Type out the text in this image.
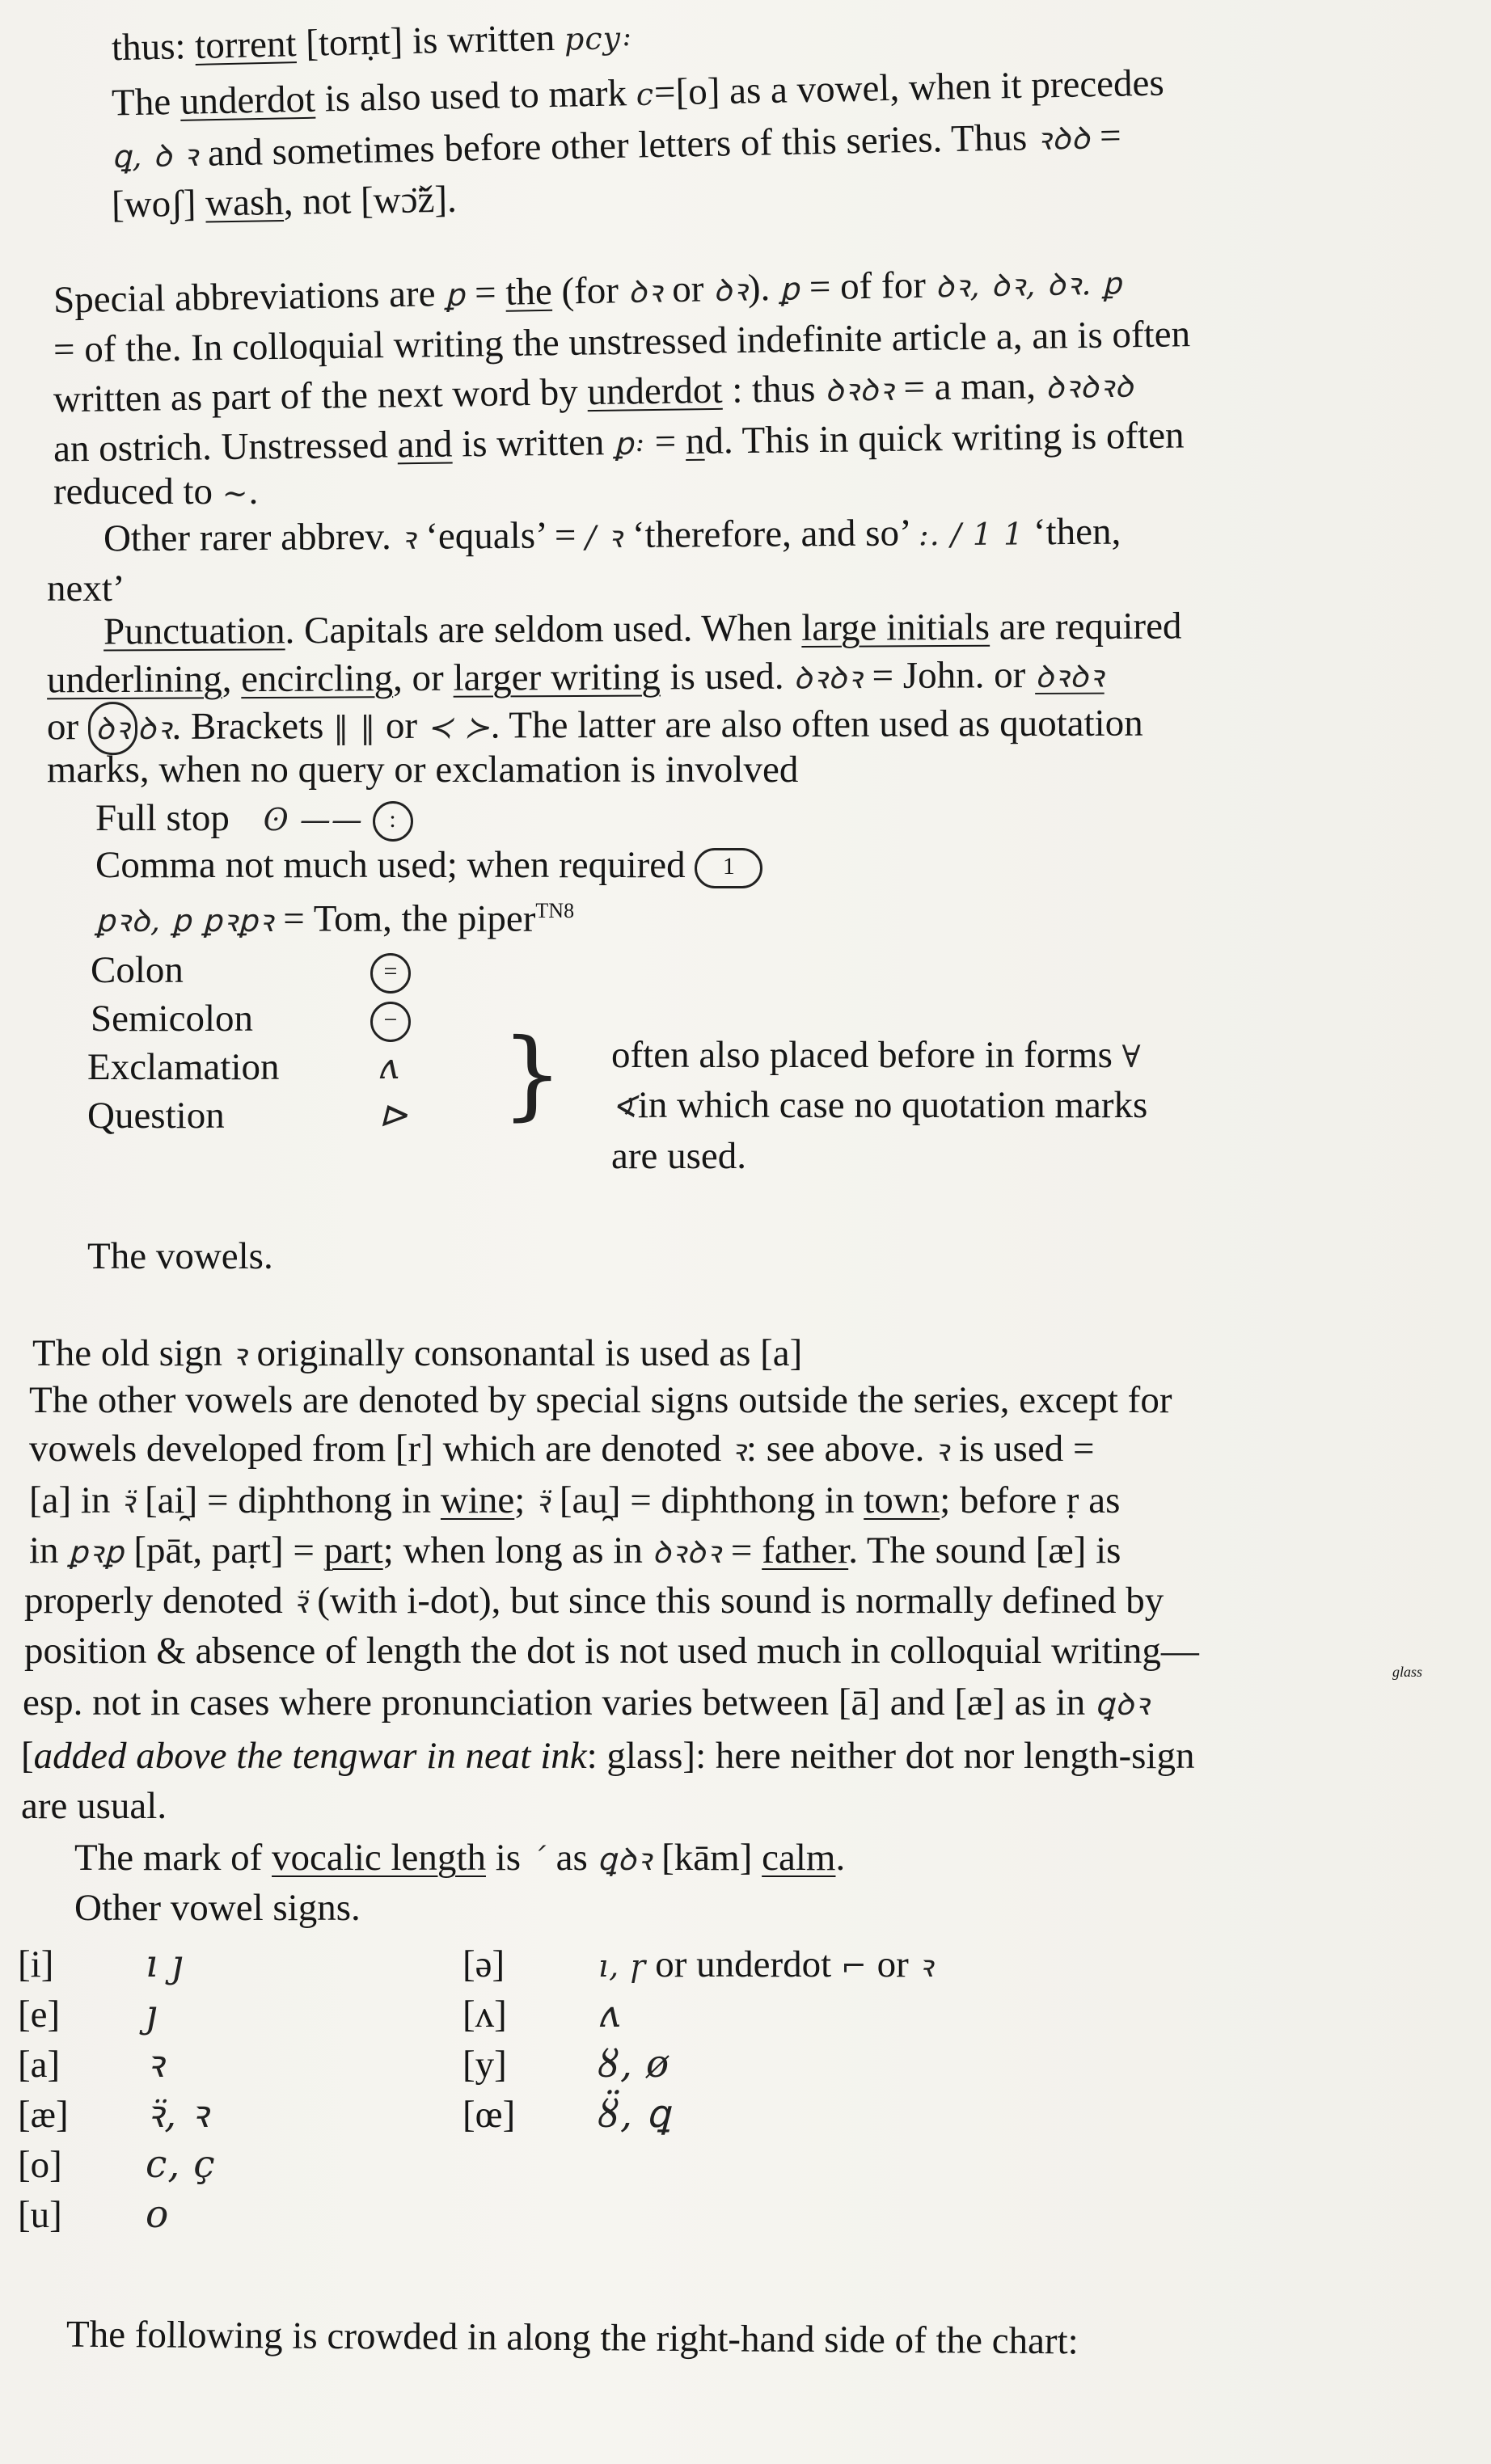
thus: torrent [torṇt] is written pcy꞉
The underdot is also used to mark c=[o] as a vowel, when it precedes
ꝗ, ꝺ ꝛ and sometimes before other letters of this series. Thus ꝛꝺꝺ =
[woʃ] wash, not [wɔ̈ž].
Special abbreviations are ꝑ = the (for ꝺꝛ or ꝺꝛ). ꝑ = of for ꝺꝛ, ꝺꝛ, ꝺꝛ. ꝑ
= of the. In colloquial writing the unstressed indefinite article a, an is often
written as part of the next word by underdot : thus ꝺꝛꝺꝛ = a man, ꝺꝛꝺꝛꝺ
an ostrich. Unstressed and is written ꝑ꞉ = nd. This in quick writing is often
reduced to ~.
Other rarer abbrev. ꝛ ‘equals’ = / ꝛ ‘therefore, and so’ :. / 1 1 ‘then,
next’
Punctuation. Capitals are seldom used. When large initials are required
underlining, encircling, or larger writing is used. ꝺꝛꝺꝛ = John. or ꝺꝛꝺꝛ
or ꝺꝛ ꝺꝛ. Brackets ‖ ‖ or ≺ ≻. The latter are also often used as quotation
marks, when no query or exclamation is involved
Full stop ʘ —— :
Comma not much used; when required 1
ꝑꝛꝺ, ꝑ ꝑꝛꝑꝛ = Tom, the piper$^{TN8}$
Colon	=
Semicolon	−
Exclamation	ʌ
Question	⊳ } often also placed before in forms ∀
∢in which case no quotation marks
are used.
The vowels.
The old sign ꝛ originally consonantal is used as [a]
The other vowels are denoted by special signs outside the series, except for
vowels developed from [r] which are denoted ꝛ: see above. ꝛ is used =
[a] in ꝛ̈ [ai̯] = diphthong in wine; ꝛ̈ [au̯] = diphthong in town; before ṛ as
in ꝑꝛꝑ [pāt, paṛt] = part; when long as in ꝺꝛꝺꝛ = father. The sound [æ] is
properly denoted ꝛ̈ (with i-dot), but since this sound is normally defined by
position & absence of length the dot is not used much in colloquial writing—
esp. not in cases where pronunciation varies between [ā] and [æ] as in ꝗꝺꝛ
glass
[added above the tengwar in neat ink: glass]: here neither dot nor length-sign
are usual.
The mark of vocalic length is ˊ as ꝗꝺꝛ [kām] calm.
Other vowel signs.
[i] ı ȷ
[e] ȷ
[a] ꝛ
[æ] ꝛ̈, ꝛ
[o] c, ç
[u] o
[ə]	ı, ꞅ or underdot ⌐ or ꝛ
[ʌ] ʌ
[y] ȣ, ø
[œ] ȣ̈, ꝗ
The following is crowded in along the right-hand side of the chart:
